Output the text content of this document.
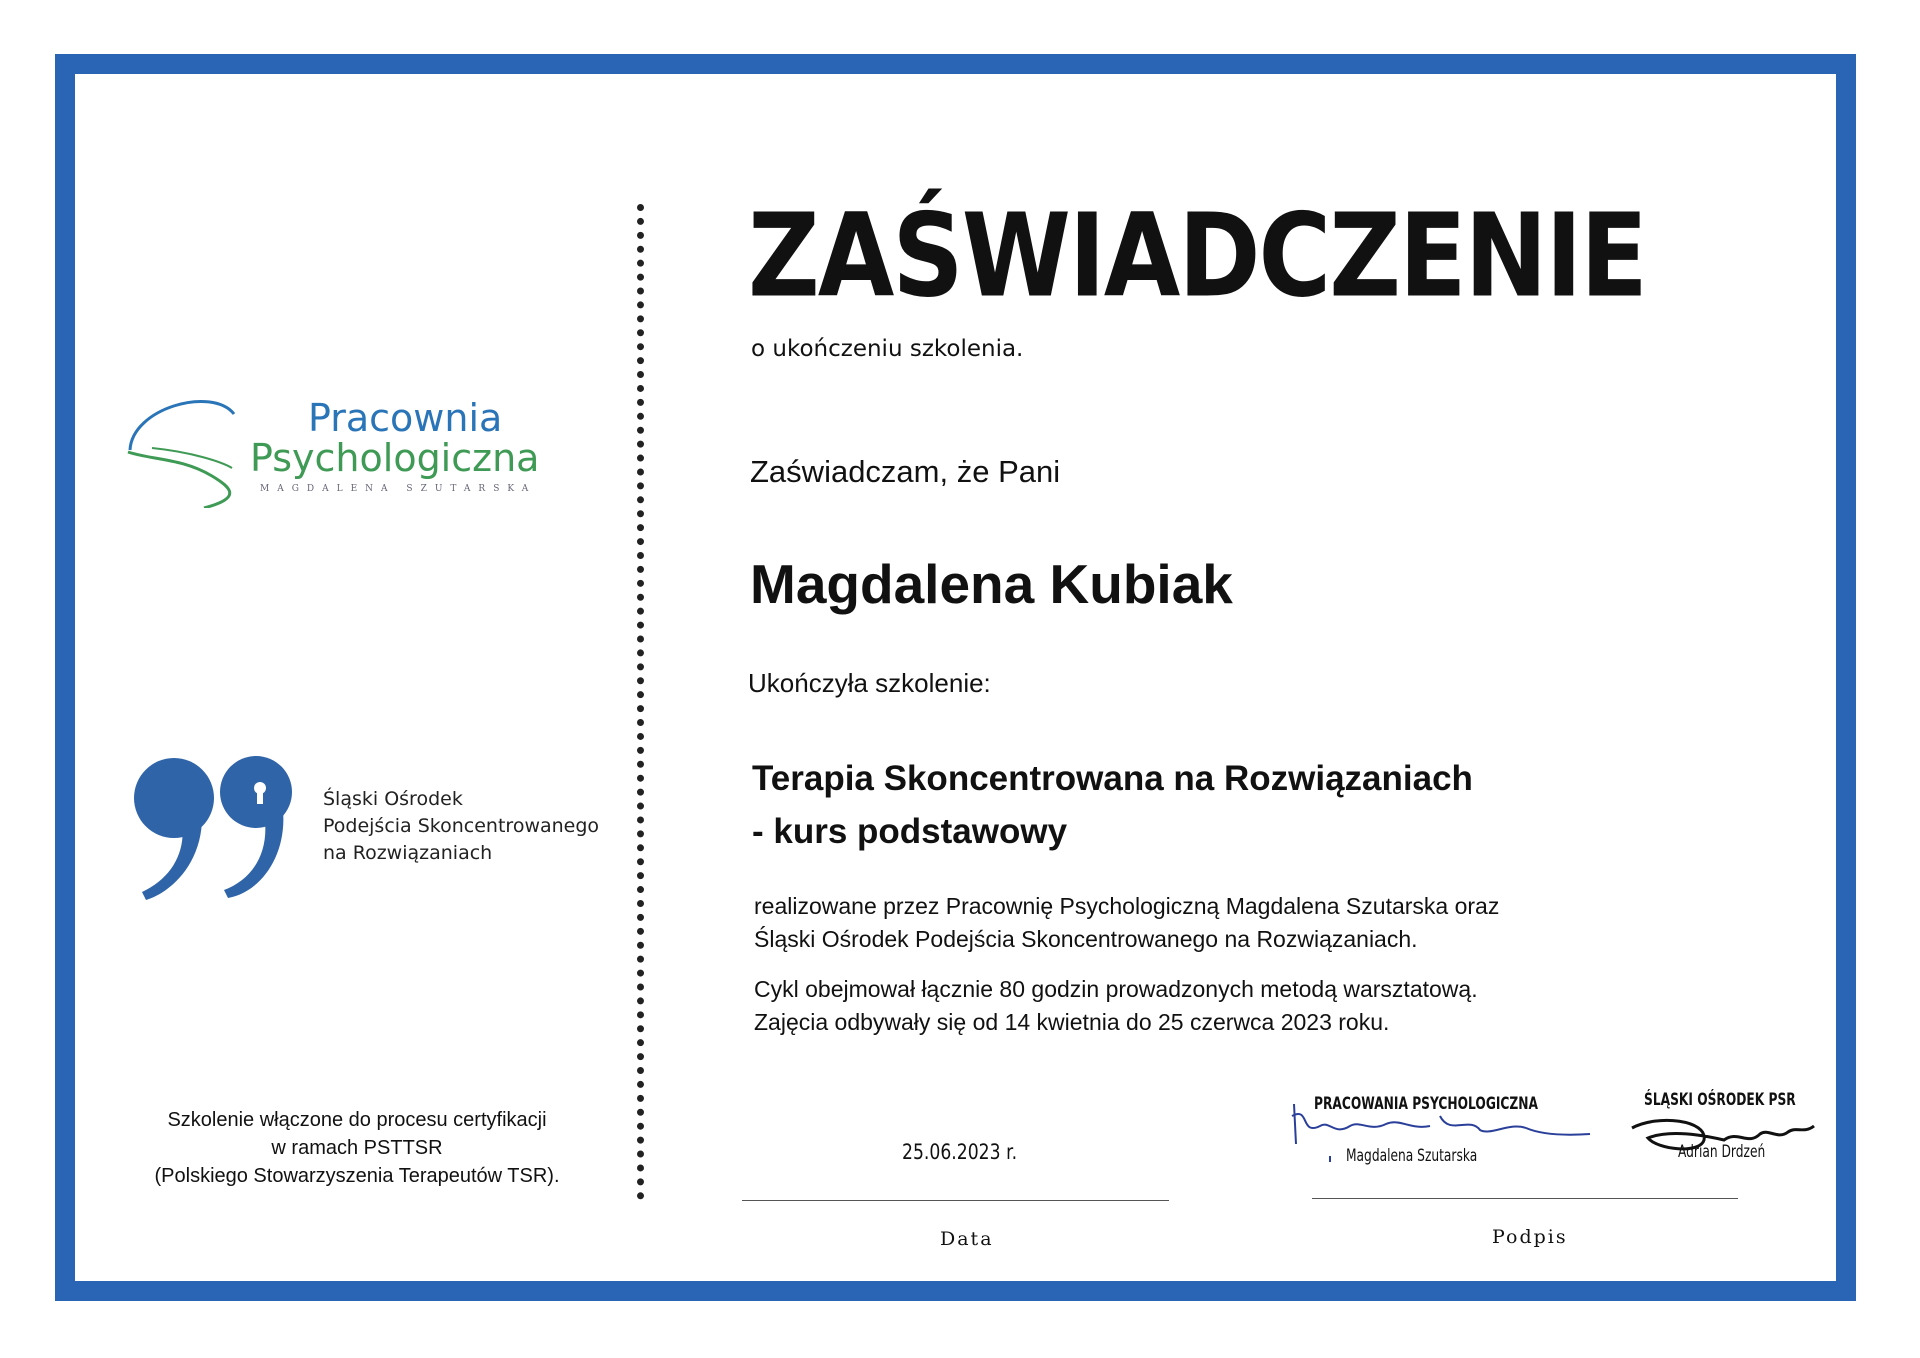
Pracownia
Psychologiczna
MAGDALENA SZUTARSKA
Śląski Ośrodek
Podejścia Skoncentrowanego
na Rozwiązaniach
Szkolenie włączone do procesu certyfikacji
w ramach PSTTSR
(Polskiego Stowarzyszenia Terapeutów TSR).
ZAŚWIADCZENIE
o ukończeniu szkolenia.
Zaświadczam, że Pani
Magdalena Kubiak
Ukończyła szkolenie:
Terapia Skoncentrowana na Rozwiązaniach
- kurs podstawowy
realizowane przez Pracownię Psychologiczną Magdalena Szutarska oraz
Śląski Ośrodek Podejścia Skoncentrowanego na Rozwiązaniach.
Cykl obejmował łącznie 80 godzin prowadzonych metodą warsztatową.
Zajęcia odbywały się od 14 kwietnia do 25 czerwca 2023 roku.
25.06.2023 r.
Data
PRACOWANIA PSYCHOLOGICZNA
Magdalena Szutarska
ŚLĄSKI OŚRODEK PSR
Adrian Drdzeń
Podpis
